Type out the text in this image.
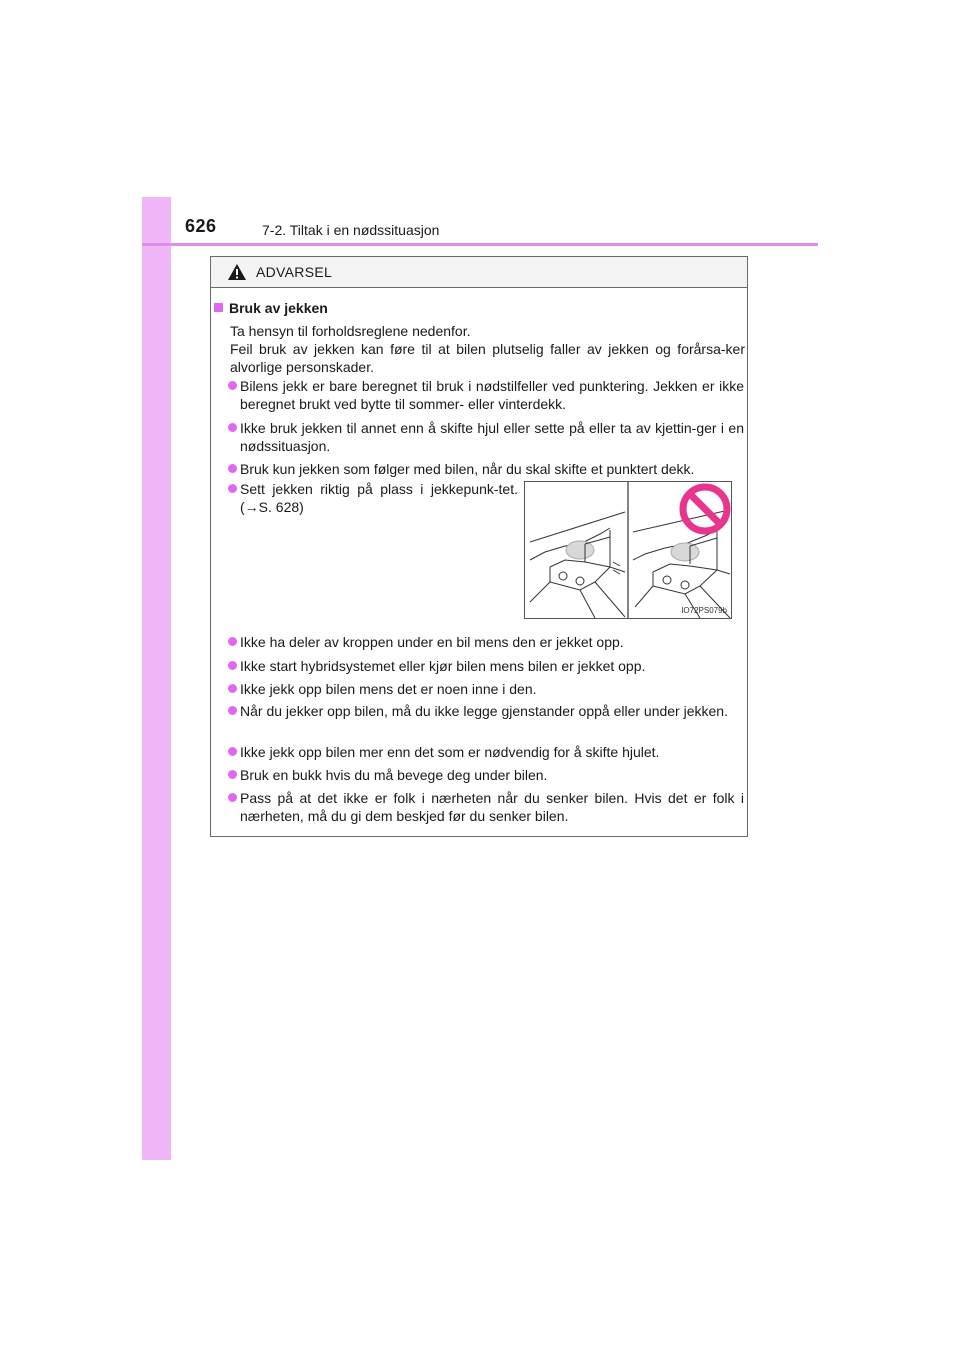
626	7-2. Tiltak i en nødssituasjon
ADVARSEL
Bruk av jekken
Ta hensyn til forholdsreglene nedenfor.
Feil bruk av jekken kan føre til at bilen plutselig faller av jekken og forårsa-ker alvorlige personskader.
Bilens jekk er bare beregnet til bruk i nødstilfeller ved punktering. Jekken er ikke beregnet brukt ved bytte til sommer- eller vinterdekk.
Ikke bruk jekken til annet enn å skifte hjul eller sette på eller ta av kjettin-ger i en nødssituasjon.
Bruk kun jekken som følger med bilen, når du skal skifte et punktert dekk.
Sett jekken riktig på plass i jekkepunk-tet. (→S. 628)
IO72PS079b
Ikke ha deler av kroppen under en bil mens den er jekket opp.
Ikke start hybridsystemet eller kjør bilen mens bilen er jekket opp.
Ikke jekk opp bilen mens det er noen inne i den.
Når du jekker opp bilen, må du ikke legge gjenstander oppå eller under jekken.
Ikke jekk opp bilen mer enn det som er nødvendig for å skifte hjulet.
Bruk en bukk hvis du må bevege deg under bilen.
Pass på at det ikke er folk i nærheten når du senker bilen. Hvis det er folk i nærheten, må du gi dem beskjed før du senker bilen.
